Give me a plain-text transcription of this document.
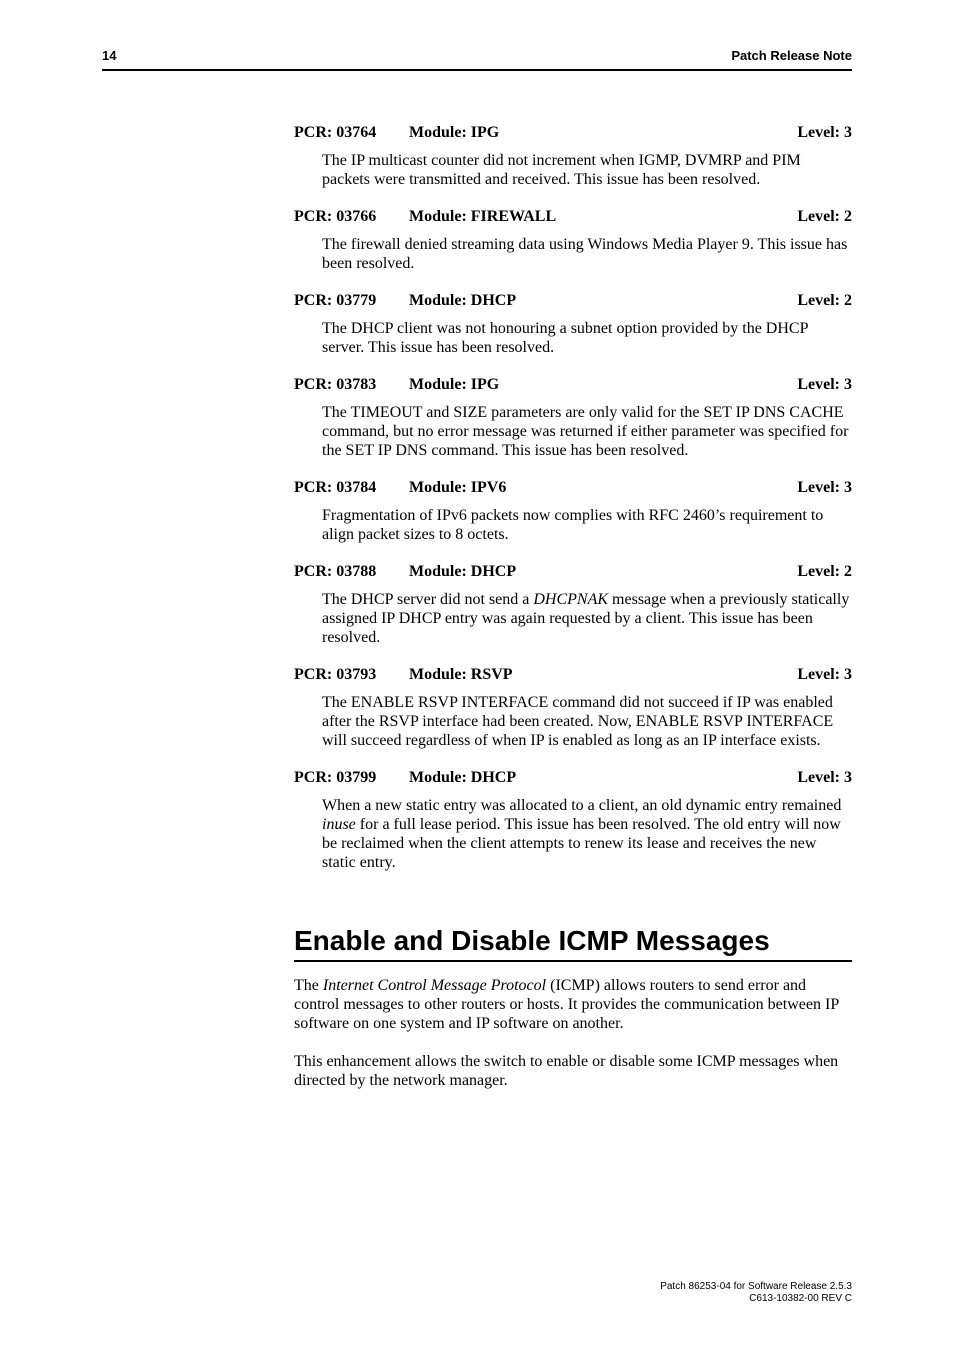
14	Patch Release Note
PCR: 03764 Module: IPG	Level: 3
The IP multicast counter did not increment when IGMP, DVMRP and PIM packets were transmitted and received. This issue has been resolved.
PCR: 03766 Module: FIREWALL	Level: 2
The firewall denied streaming data using Windows Media Player 9. This issue has been resolved.
PCR: 03779 Module: DHCP	Level: 2
The DHCP client was not honouring a subnet option provided by the DHCP server. This issue has been resolved.
PCR: 03783 Module: IPG	Level: 3
The TIMEOUT and SIZE parameters are only valid for the SET IP DNS CACHE command, but no error message was returned if either parameter was specified for the SET IP DNS command. This issue has been resolved.
PCR: 03784 Module: IPV6	Level: 3
Fragmentation of IPv6 packets now complies with RFC 2460’s requirement to align packet sizes to 8 octets.
PCR: 03788 Module: DHCP	Level: 2
The DHCP server did not send a DHCPNAK message when a previously statically assigned IP DHCP entry was again requested by a client. This issue has been resolved.
PCR: 03793 Module: RSVP	Level: 3
The ENABLE RSVP INTERFACE command did not succeed if IP was enabled after the RSVP interface had been created. Now, ENABLE RSVP INTERFACE will succeed regardless of when IP is enabled as long as an IP interface exists.
PCR: 03799 Module: DHCP	Level: 3
When a new static entry was allocated to a client, an old dynamic entry remained inuse for a full lease period. This issue has been resolved. The old entry will now be reclaimed when the client attempts to renew its lease and receives the new static entry.
Enable and Disable ICMP Messages

The Internet Control Message Protocol (ICMP) allows routers to send error and control messages to other routers or hosts. It provides the communication between IP software on one system and IP software on another.

This enhancement allows the switch to enable or disable some ICMP messages when directed by the network manager.

Patch 86253-04 for Software Release 2.5.3
C613-10382-00 REV C
